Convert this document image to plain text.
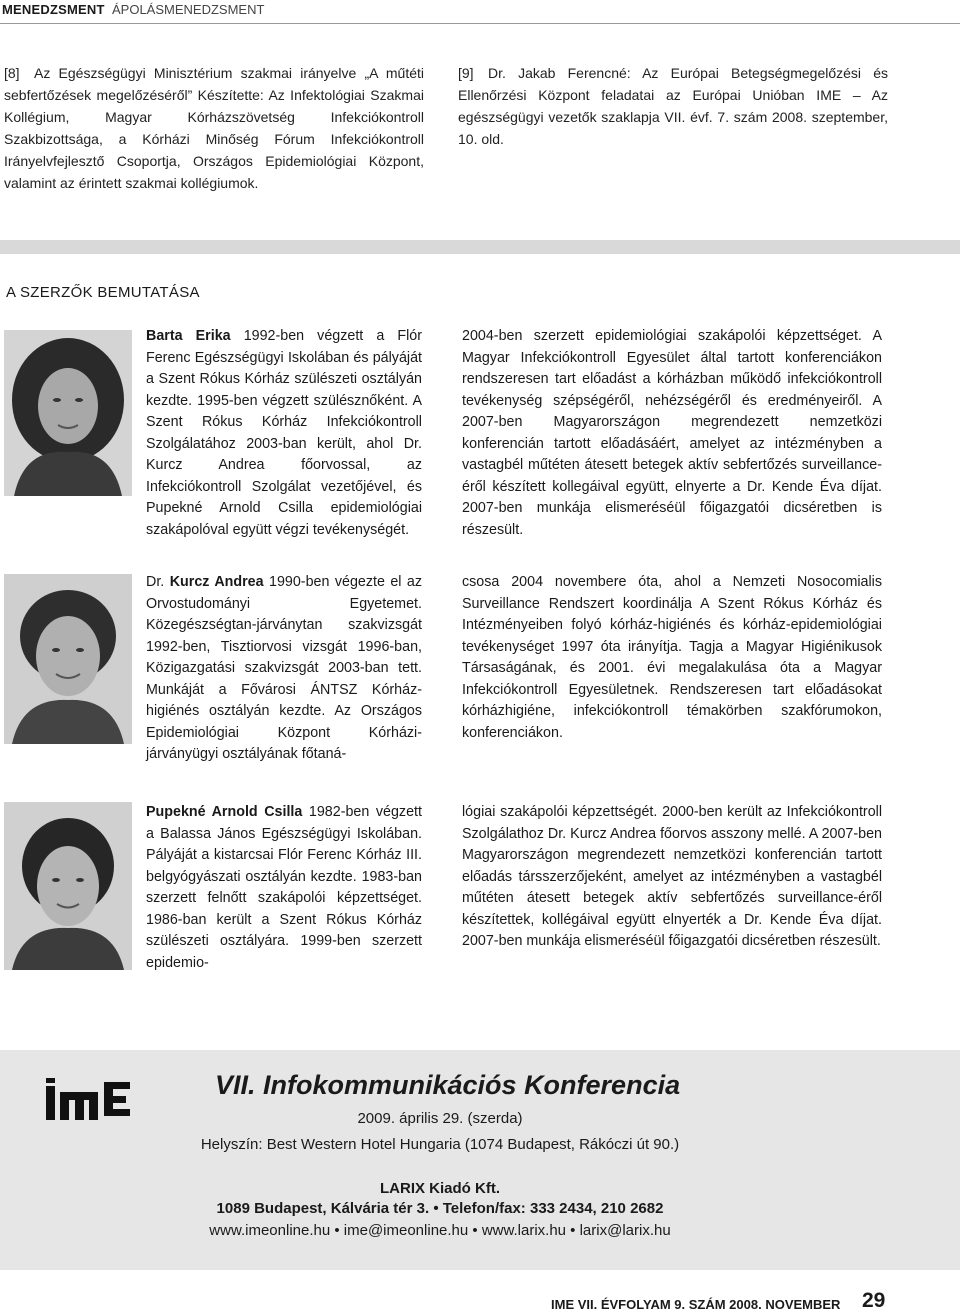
MENEDZSMENT ÁPOLÁSMENEDZSMENT
[8] Az Egészségügyi Minisztérium szakmai irányelve „A műtéti sebfertőzések megelőzéséről” Készítette: Az Infektológiai Szakmai Kollégium, Magyar Kórházszövetség Infekciókontroll Szakbizottsága, a Kórházi Minőség Fórum Infekciókontroll Irányelvfejlesztő Csoportja, Országos Epidemiológiai Központ, valamint az érintett szakmai kollégiumok.
[9] Dr. Jakab Ferencné: Az Európai Betegségmegelőzési és Ellenőrzési Központ feladatai az Európai Unióban IME – Az egészségügyi vezetők szaklapja VII. évf. 7. szám 2008. szeptember, 10. old.
A SZERZŐK BEMUTATÁSA
Barta Erika 1992-ben végzett a Flór Ferenc Egészségügyi Iskolában és pályáját a Szent Rókus Kórház szülészeti osztályán kezdte. 1995-ben végzett szülésznőként. A Szent Rókus Kórház Infekciókontroll Szolgálatához 2003-ban került, ahol Dr. Kurcz Andrea főorvossal, az Infekciókontroll Szolgálat vezetőjével, és Pupekné Arnold Csilla epidemiológiai szakápolóval együtt végzi tevékenységét.
2004-ben szerzett epidemiológiai szakápolói képzettséget. A Magyar Infekciókontroll Egyesület által tartott konferenciákon rendszeresen tart előadást a kórházban működő infekciókontroll tevékenység szépségéről, nehézségéről és eredményeiről. A 2007-ben Magyarországon megrendezett nemzetközi konferencián tartott előadásáért, amelyet az intézményben a vastagbél műtéten átesett betegek aktív sebfertőzés surveillance-éről készített kollegáival együtt, elnyerte a Dr. Kende Éva díjat. 2007-ben munkája elismeréséül főigazgatói dicséretben is részesült.
Dr. Kurcz Andrea 1990-ben végezte el az Orvostudományi Egyetemet. Közegészségtan-járványtan szakvizsgát 1992-ben, Tisztiorvosi vizsgát 1996-ban, Közigazgatási szakvizsgát 2003-ban tett. Munkáját a Fővárosi ÁNTSZ Kórház-higiénés osztályán kezdte. Az Országos Epidemiológiai Központ Kórházi-járványügyi osztályának főtaná-
csosa 2004 novembere óta, ahol a Nemzeti Nosocomialis Surveillance Rendszert koordinálja A Szent Rókus Kórház és Intézményeiben folyó kórház-higiénés és kórház-epidemiológiai tevékenységet 1997 óta irányítja. Tagja a Magyar Higiénikusok Társaságának, és 2001. évi megalakulása óta a Magyar Infekciókontroll Egyesületnek. Rendszeresen tart előadásokat kórházhigiéne, infekciókontroll témakörben szakfórumokon, konferenciákon.
Pupekné Arnold Csilla 1982-ben végzett a Balassa János Egészségügyi Iskolában. Pályáját a kistarcsai Flór Ferenc Kórház III. belgyógyászati osztályán kezdte. 1983-ban szerzett felnőtt szakápolói képzettséget. 1986-ban került a Szent Rókus Kórház szülészeti osztályára. 1999-ben szerzett epidemio-
lógiai szakápolói képzettségét. 2000-ben került az Infekciókontroll Szolgálathoz Dr. Kurcz Andrea főorvos asszony mellé. A 2007-ben Magyarországon megrendezett nemzetközi konferencián tartott előadás társszerzőjeként, amelyet az intézményben a vastagbél műtéten átesett betegek aktív sebfertőzés surveillance-éről készítettek, kollégáival együtt elnyerték a Dr. Kende Éva díjat. 2007-ben munkája elismeréséül főigazgatói dicséretben részesült.
VII. Infokommunikációs Konferencia
2009. április 29. (szerda)
Helyszín: Best Western Hotel Hungaria (1074 Budapest, Rákóczi út 90.)
LARIX Kiadó Kft.
1089 Budapest, Kálvária tér 3. • Telefon/fax: 333 2434, 210 2682
www.imeonline.hu • ime@imeonline.hu • www.larix.hu • larix@larix.hu
IME VII. ÉVFOLYAM 9. SZÁM 2008. NOVEMBER 29
